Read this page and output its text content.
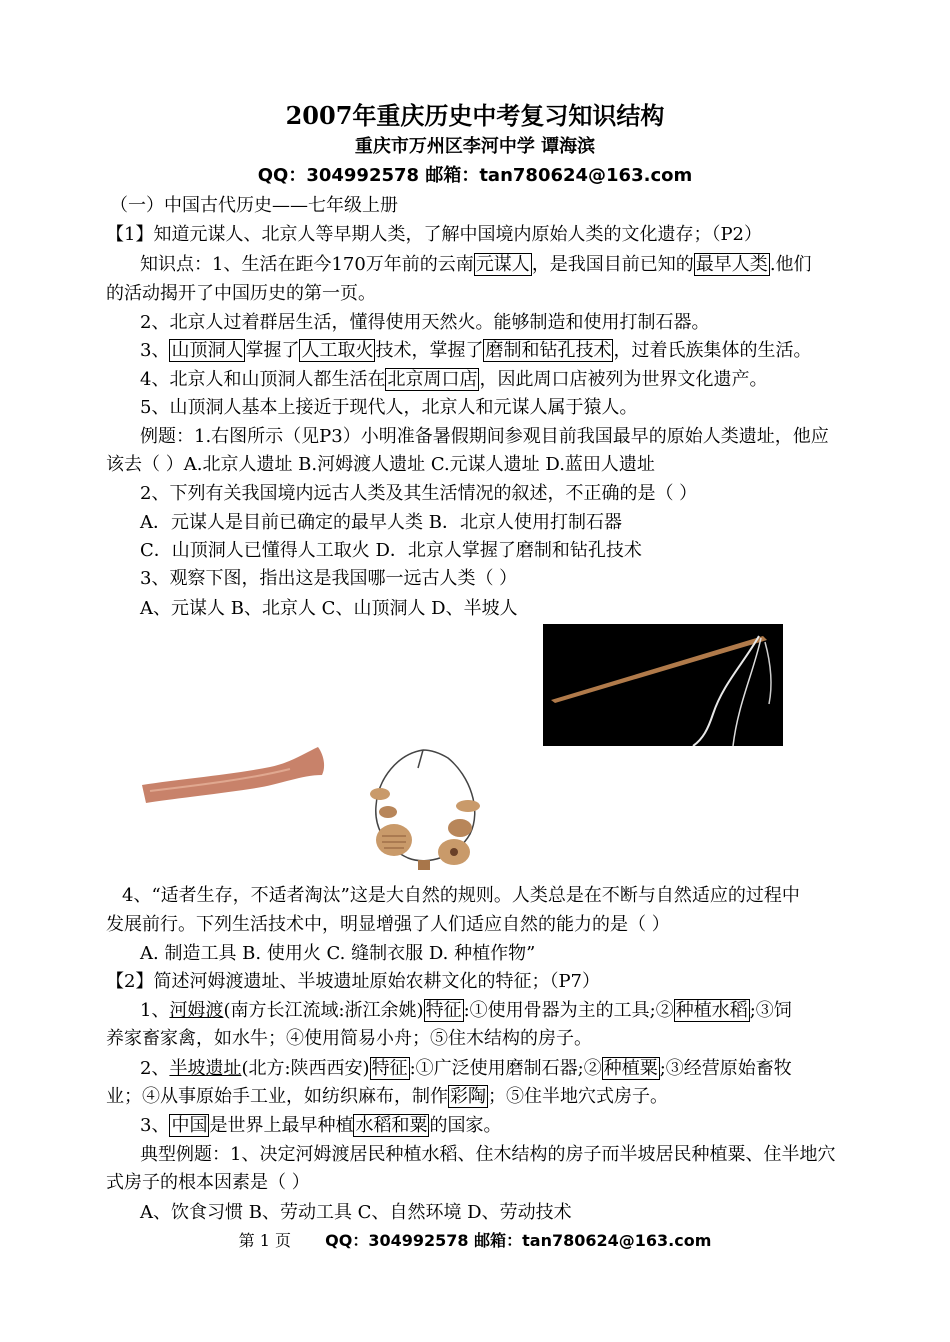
2007年重庆历史中考复习知识结构
重庆市万州区李河中学 谭海滨
QQ：304992578 邮箱：tan780624@163.com
（一）中国古代历史——七年级上册
【1】知道元谋人、北京人等早期人类，了解中国境内原始人类的文化遗存；（P2）
知识点：1、生活在距今170万年前的云南 元谋人 ，是我国目前已知的 最早人类 .他们
的活动揭开了中国历史的第一页。
2、北京人过着群居生活，懂得使用天然火。能够制造和使用打制石器。
3、 山顶洞人 掌握了 人工取火 技术，掌握了 磨制和钻孔技术 ，过着氏族集体的生活。
4、北京人和山顶洞人都生活在 北京周口店 ，因此周口店被列为世界文化遗产。
5、山顶洞人基本上接近于现代人，北京人和元谋人属于猿人。
例题：1.右图所示（见P3）小明准备暑假期间参观目前我国最早的原始人类遗址，他应
该去（ ）A.北京人遗址 B.河姆渡人遗址 C.元谋人遗址 D.蓝田人遗址
2、下列有关我国境内远古人类及其生活情况的叙述，不正确的是（ ）
A．元谋人是目前已确定的最早人类 B．北京人使用打制石器
C．山顶洞人已懂得人工取火 D．北京人掌握了磨制和钻孔技术
3、观察下图，指出这是我国哪一远古人类（ ）
A、元谋人 B、北京人 C、山顶洞人 D、半坡人
4、“适者生存，不适者淘汰”这是大自然的规则。人类总是在不断与自然适应的过程中
发展前行。下列生活技术中，明显增强了人们适应自然的能力的是（ ）
A. 制造工具 B. 使用火 C. 缝制衣服 D. 种植作物”
【2】简述河姆渡遗址、半坡遗址原始农耕文化的特征；（P7）
1、河姆渡(南方长江流域:浙江余姚) 特征 :①使用骨器为主的工具;② 种植水稻 ;③饲
养家畜家禽，如水牛；④使用简易小舟；⑤住木结构的房子。
2、半坡遗址(北方:陕西西安) 特征 :①广泛使用磨制石器;② 种植粟 ;③经营原始畜牧
业；④从事原始手工业，如纺织麻布，制作 彩陶 ；⑤住半地穴式房子。
3、 中国 是世界上最早种植 水稻和粟 的国家。
典型例题：1、决定河姆渡居民种植水稻、住木结构的房子而半坡居民种植粟、住半地穴
式房子的根本因素是（ ）
A、饮食习惯 B、劳动工具 C、自然环境 D、劳动技术
第 1 页 QQ：304992578 邮箱：tan780624@163.com
